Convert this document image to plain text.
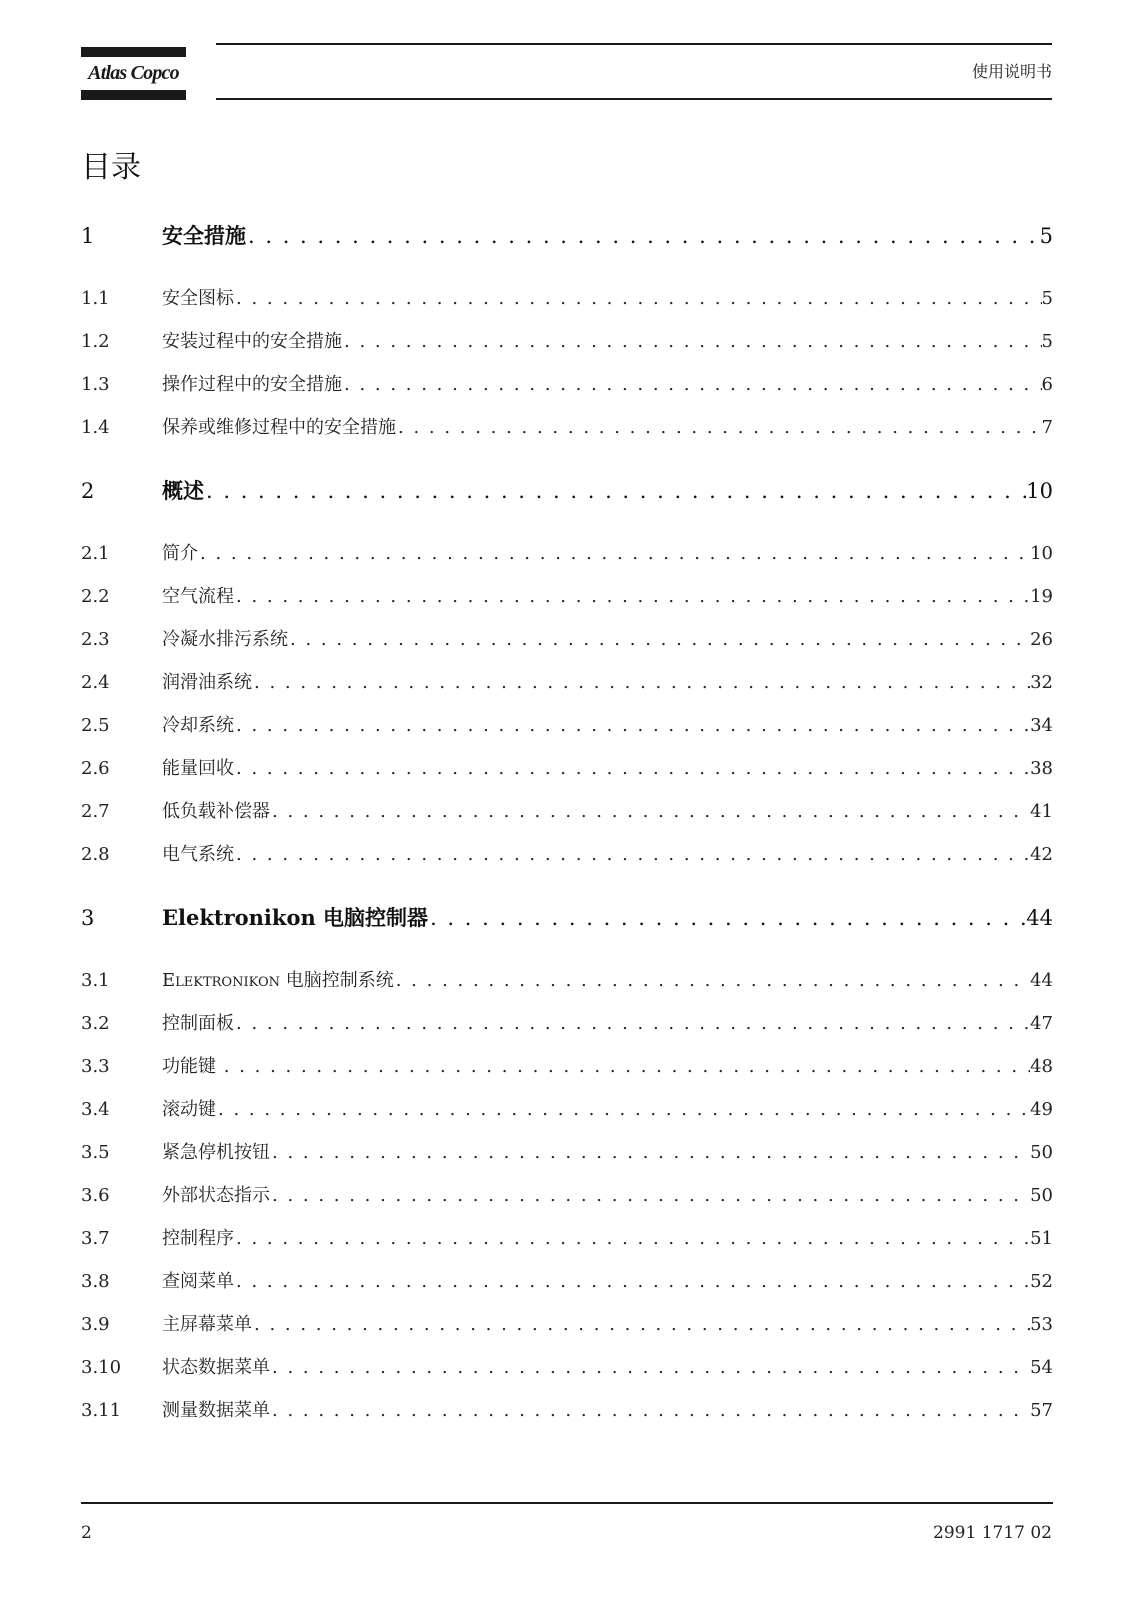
Atlas Copco	使用说明书
目录
1	安全措施 . . .	5
1.1	安全图标 . . .	5
1.2	安装过程中的安全措施 . . .	5
1.3	操作过程中的安全措施 . . .	6
1.4	保养或维修过程中的安全措施 . . .	7
2	概述 . . .	10
2.1	简介 . . .	10
2.2	空气流程 . . .	19
2.3	冷凝水排污系统 . . .	26
2.4	润滑油系统 . . .	32
2.5	冷却系统 . . .	34
2.6	能量回收 . . .	38
2.7	低负载补偿器 . . .	41
2.8	电气系统 . . .	42
3	Elektronikon 电脑控制器 . . .	44
3.1	Elektronikon 电脑控制系统 . . .	44
3.2	控制面板 . . .	47
3.3	功能键 . . .	48
3.4	滚动键 . . .	49
3.5	紧急停机按钮 . . .	50
3.6	外部状态指示 . . .	50
3.7	控制程序 . . .	51
3.8	查阅菜单 . . .	52
3.9	主屏幕菜单 . . .	53
3.10	状态数据菜单 . . .	54
3.11	测量数据菜单 . . .	57
2	2991 1717 02
